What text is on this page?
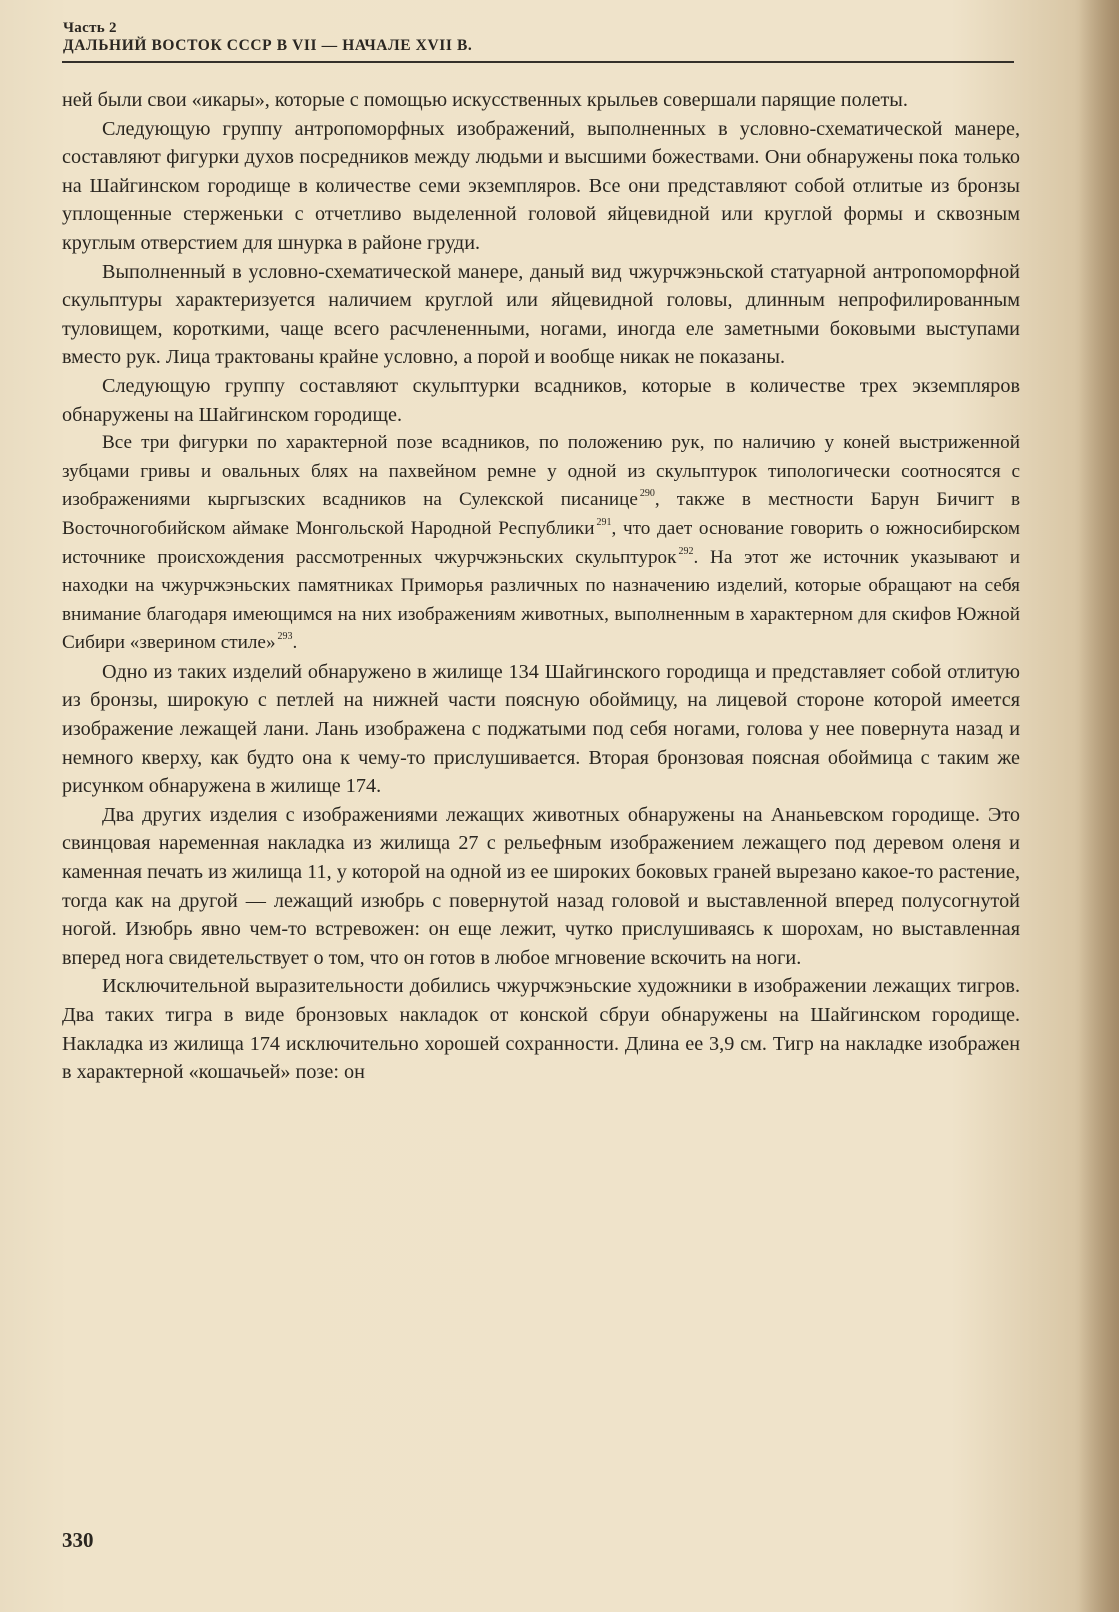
Часть 2
ДАЛЬНИЙ ВОСТОК СССР В VII — НАЧАЛЕ XVII В.

ней были свои «икары», которые с помощью искусственных крыльев совершали парящие полеты.

Следующую группу антропоморфных изображений, выполненных в условно-схематической манере, составляют фигурки духов посредников между людьми и высшими божествами. Они обнаружены пока только на Шайгинском городище в количестве семи экземпляров. Все они представляют собой отлитые из бронзы уплощенные стерженьки с отчетливо выделенной головой яйцевидной или круглой формы и сквозным круглым отверстием для шнурка в районе груди.

Выполненный в условно-схематической манере, даный вид чжурчжэньской статуарной антропоморфной скульптуры характеризуется наличием круглой или яйцевидной головы, длинным непрофилированным туловищем, короткими, чаще всего расчлененными, ногами, иногда еле заметными боковыми выступами вместо рук. Лица трактованы крайне условно, а порой и вообще никак не показаны.

Следующую группу составляют скульптурки всадников, которые в количестве трех экземпляров обнаружены на Шайгинском городище.

Все три фигурки по характерной позе всадников, по положению рук, по наличию у коней выстриженной зубцами гривы и овальных блях на пахвейном ремне у одной из скульптурок типологически соотносятся с изображениями кыргызских всадников на Сулекской писанице $^{290}$, также в местности Барун Бичигт в Восточногобийском аймаке Монгольской Народной Республики $^{291}$, что дает основание говорить о южносибирском источнике происхождения рассмотренных чжурчжэньских скульптурок $^{292}$. На этот же источник указывают и находки на чжурчжэньских памятниках Приморья различных по назначению изделий, которые обращают на себя внимание благодаря имеющимся на них изображениям животных, выполненным в характерном для скифов Южной Сибири «зверином стиле» $^{293}$.

Одно из таких изделий обнаружено в жилище 134 Шайгинского городища и представляет собой отлитую из бронзы, широкую с петлей на нижней части поясную обоймицу, на лицевой стороне которой имеется изображение лежащей лани. Лань изображена с поджатыми под себя ногами, голова у нее повернута назад и немного кверху, как будто она к чему-то прислушивается. Вторая бронзовая поясная обоймица с таким же рисунком обнаружена в жилище 174.

Два других изделия с изображениями лежащих животных обнаружены на Ананьевском городище. Это свинцовая наременная накладка из жилища 27 с рельефным изображением лежащего под деревом оленя и каменная печать из жилища 11, у которой на одной из ее широких боковых граней вырезано какое-то растение, тогда как на другой — лежащий изюбрь с повернутой назад головой и выставленной вперед полусогнутой ногой. Изюбрь явно чем-то встревожен: он еще лежит, чутко прислушиваясь к шорохам, но выставленная вперед нога свидетельствует о том, что он готов в любое мгновение вскочить на ноги.

Исключительной выразительности добились чжурчжэньские художники в изображении лежащих тигров. Два таких тигра в виде бронзовых накладок от конской сбруи обнаружены на Шайгинском городище. Накладка из жилища 174 исключительно хорошей сохранности. Длина ее 3,9 см. Тигр на накладке изображен в характерной «кошачьей» позе: он

330
